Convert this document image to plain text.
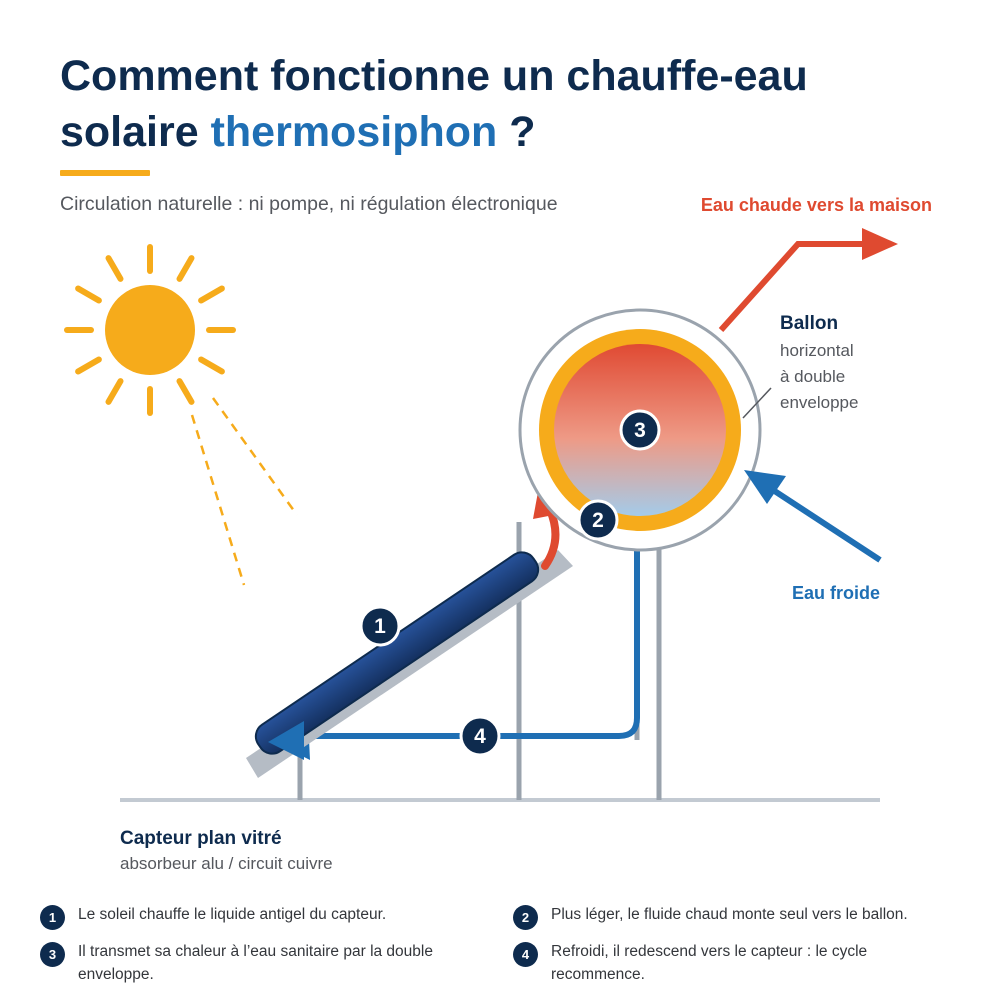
Comment fonctionne un chauffe-eau
solaire thermosiphon ?
Circulation naturelle : ni pompe, ni régulation électronique
1
2
3
4
Eau chaude vers la maison
Ballon
horizontal
à double
enveloppe
Eau froide
Capteur plan vitré
absorbeur alu / circuit cuivre
1	Le soleil chauffe le liquide antigel du capteur.	2	Plus léger, le fluide chaud monte seul vers le ballon.
3	Il transmet sa chaleur à l’eau sanitaire par la double enveloppe.
4	Refroidi, il redescend vers le capteur : le cycle recommence.
